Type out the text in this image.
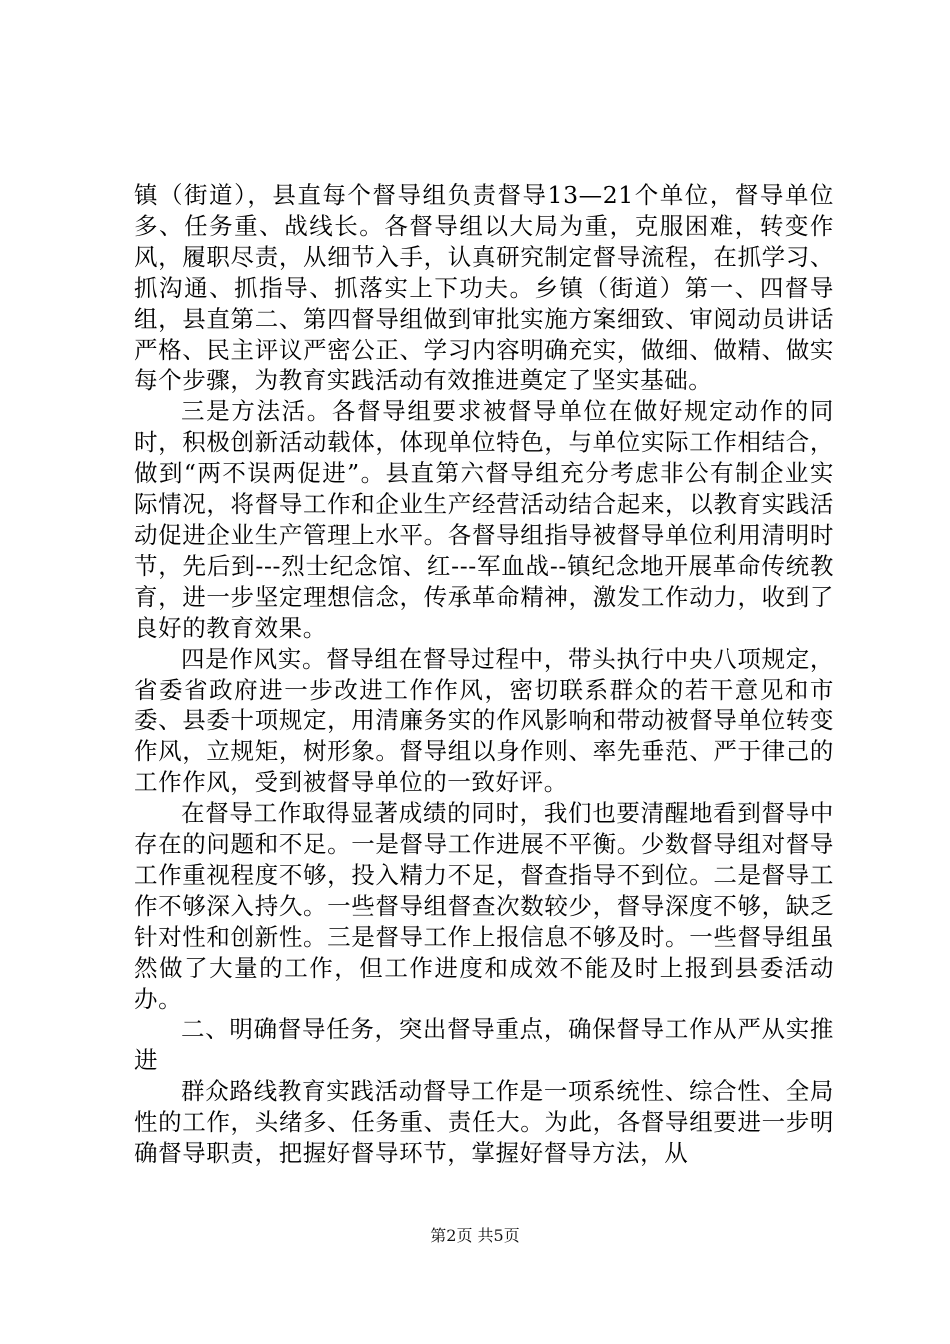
镇（街道），县直每个督导组负责督导13—21个单位，督导单位多、任务重、战线长。各督导组以大局为重，克服困难，转变作风，履职尽责，从细节入手，认真研究制定督导流程，在抓学习、抓沟通、抓指导、抓落实上下功夫。乡镇（街道）第一、四督导组，县直第二、第四督导组做到审批实施方案细致、审阅动员讲话严格、民主评议严密公正、学习内容明确充实，做细、做精、做实每个步骤，为教育实践活动有效推进奠定了坚实基础。

三是方法活。各督导组要求被督导单位在做好规定动作的同时，积极创新活动载体，体现单位特色，与单位实际工作相结合，做到“两不误两促进”。县直第六督导组充分考虑非公有制企业实际情况，将督导工作和企业生产经营活动结合起来，以教育实践活动促进企业生产管理上水平。各督导组指导被督导单位利用清明时节，先后到---烈士纪念馆、红---军血战--镇纪念地开展革命传统教育，进一步坚定理想信念，传承革命精神，激发工作动力，收到了良好的教育效果。

四是作风实。督导组在督导过程中，带头执行中央八项规定，省委省政府进一步改进工作作风，密切联系群众的若干意见和市委、县委十项规定，用清廉务实的作风影响和带动被督导单位转变作风，立规矩，树形象。督导组以身作则、率先垂范、严于律己的工作作风，受到被督导单位的一致好评。

在督导工作取得显著成绩的同时，我们也要清醒地看到督导中存在的问题和不足。一是督导工作进展不平衡。少数督导组对督导工作重视程度不够，投入精力不足，督查指导不到位。二是督导工作不够深入持久。一些督导组督查次数较少，督导深度不够，缺乏针对性和创新性。三是督导工作上报信息不够及时。一些督导组虽然做了大量的工作，但工作进度和成效不能及时上报到县委活动办。

二、明确督导任务，突出督导重点，确保督导工作从严从实推进

群众路线教育实践活动督导工作是一项系统性、综合性、全局性的工作，头绪多、任务重、责任大。为此，各督导组要进一步明确督导职责，把握好督导环节，掌握好督导方法，从

第2页 共5页
